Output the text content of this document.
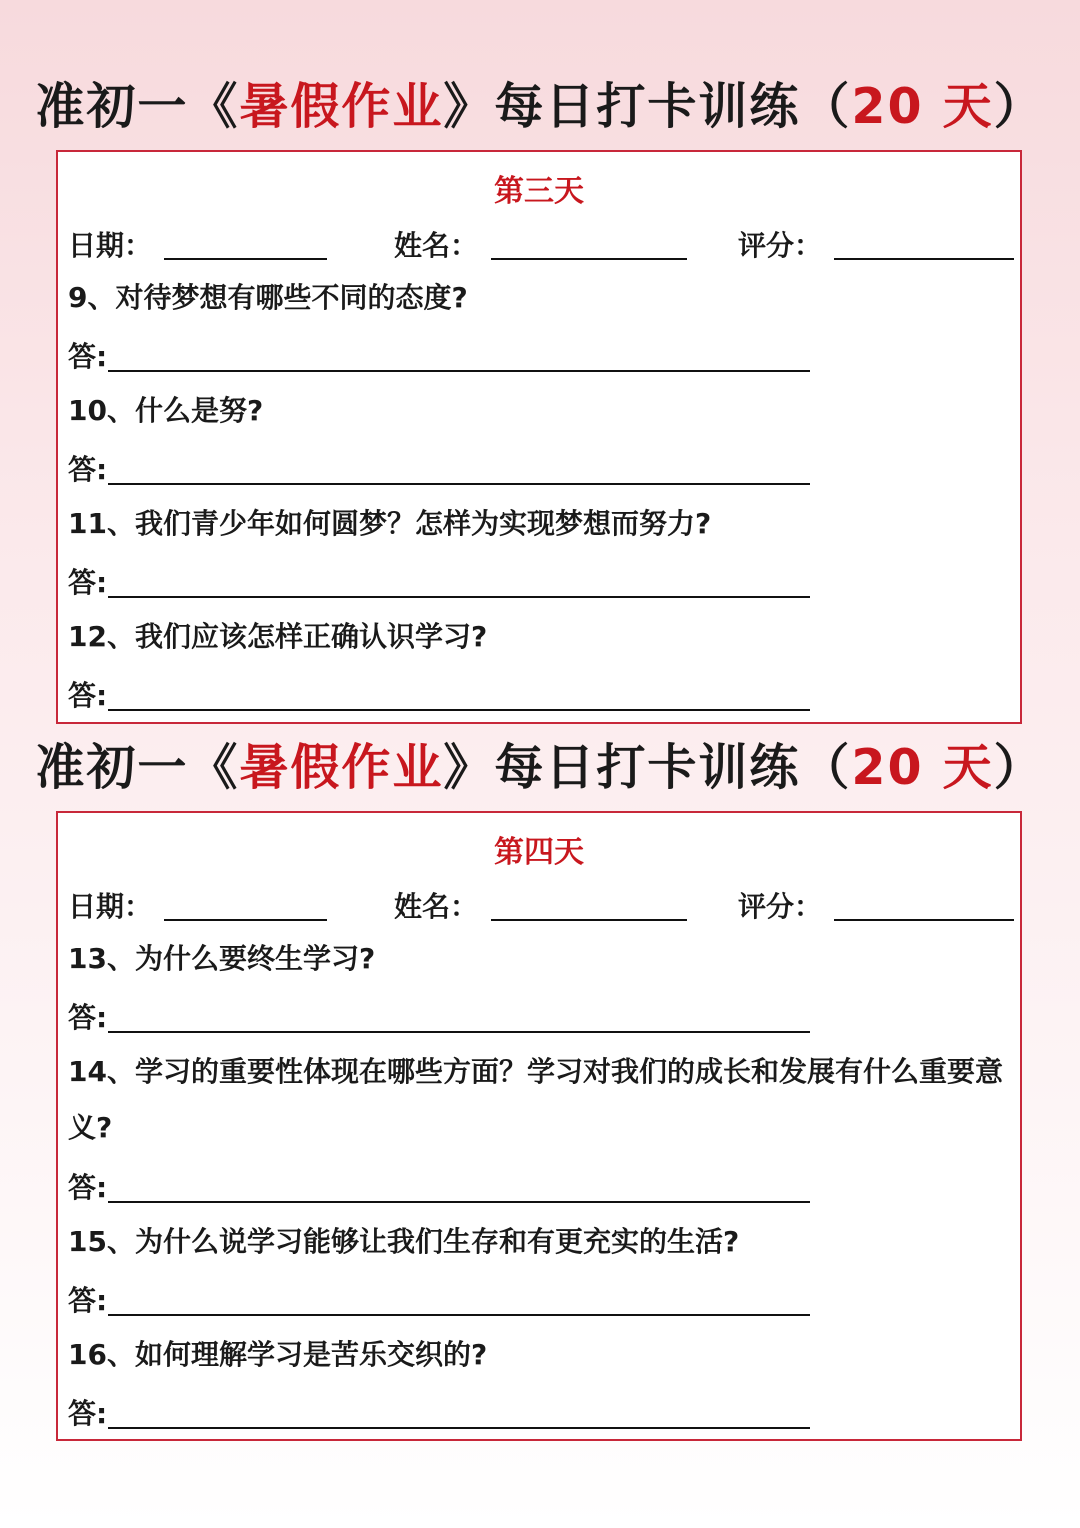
准初一《暑假作业》每日打卡训练（20 天）
第三天
日期：	姓名：	评分：
9、对待梦想有哪些不同的态度?
答:
10、什么是努?
答:
11、我们青少年如何圆梦？怎样为实现梦想而努力?
答:
12、我们应该怎样正确认识学习?
答:
准初一《暑假作业》每日打卡训练（20 天）
第四天
日期：	姓名：	评分：
13、为什么要终生学习?
答:
14、学习的重要性体现在哪些方面？学习对我们的成长和发展有什么重要意义?
答:
15、为什么说学习能够让我们生存和有更充实的生活?
答:
16、如何理解学习是苦乐交织的?
答:
